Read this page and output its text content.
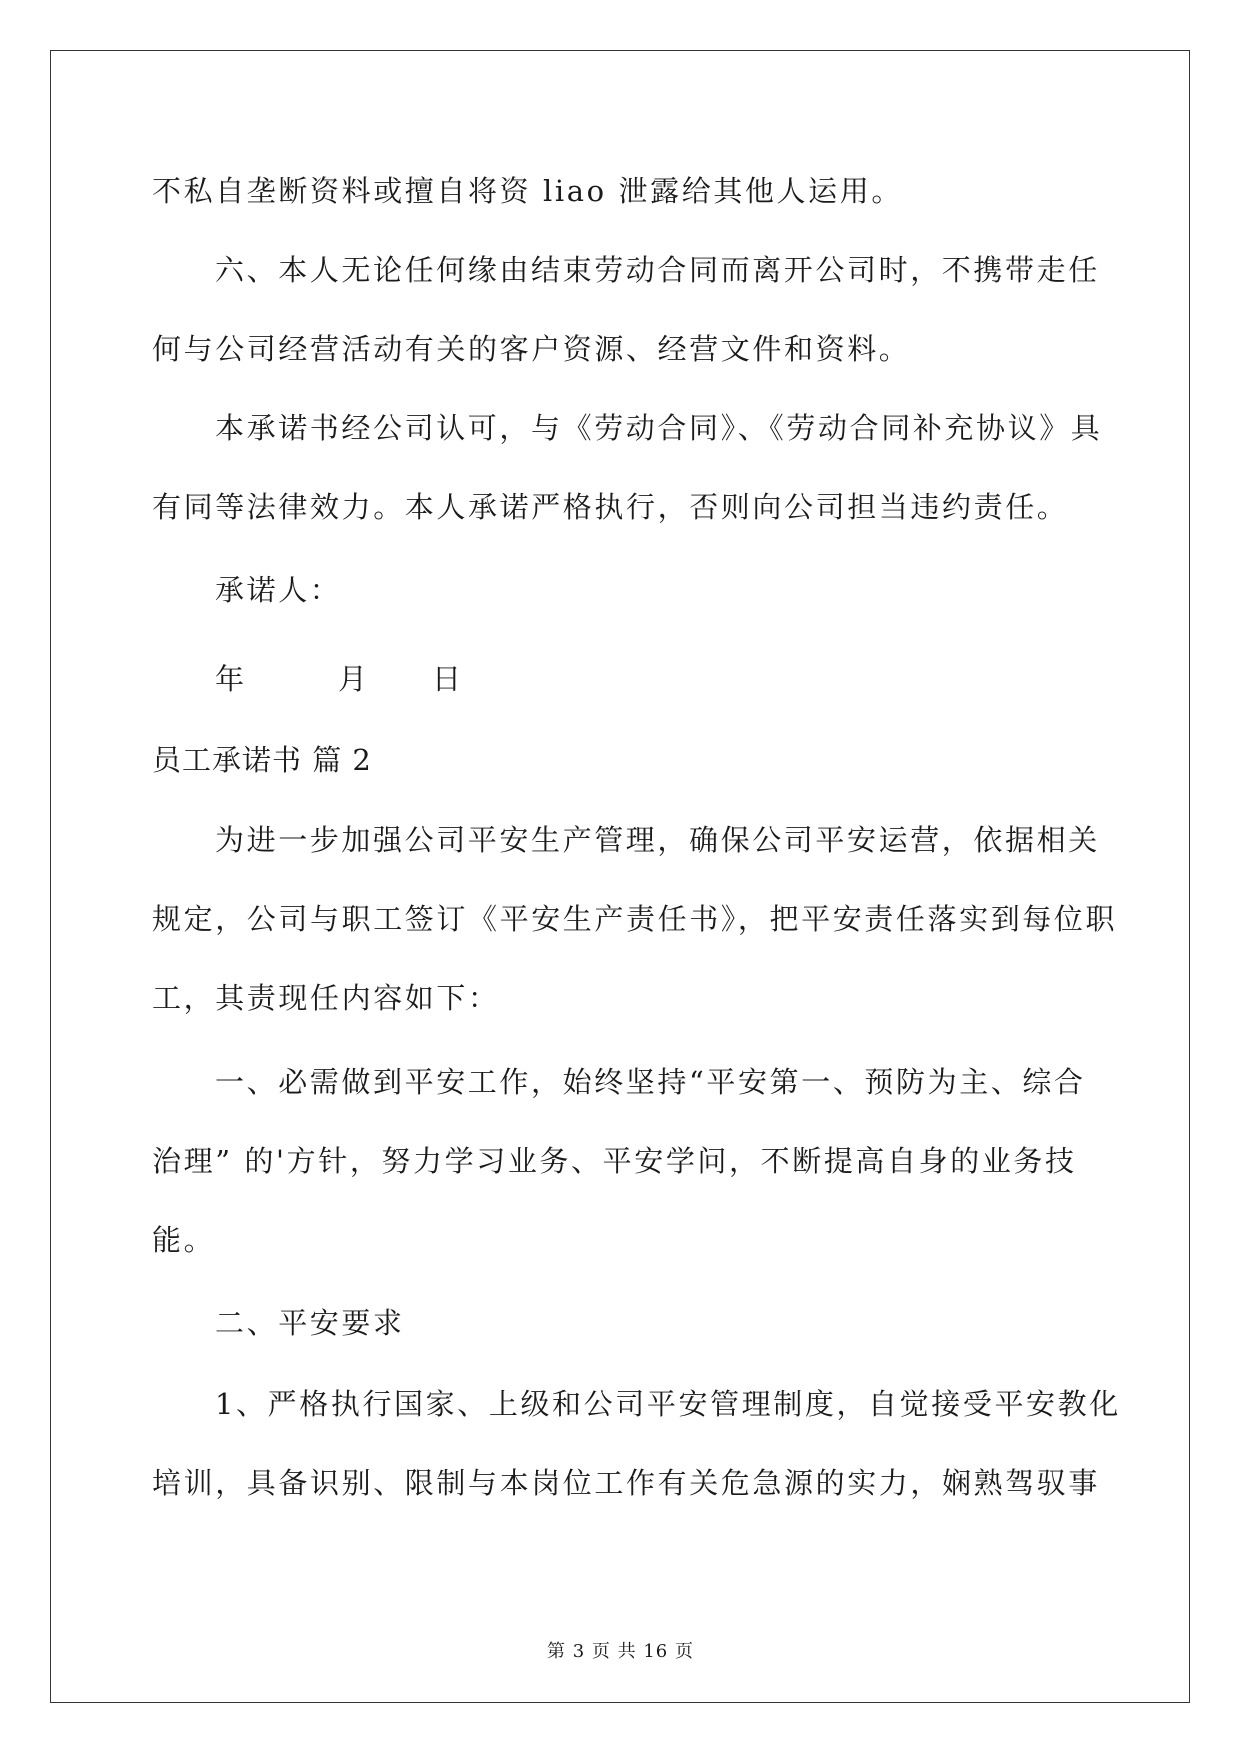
不私自垄断资料或擅自将资 liao 泄露给其他人运用。
六、本人无论任何缘由结束劳动合同而离开公司时，不携带走任
何与公司经营活动有关的客户资源、经营文件和资料。
本承诺书经公司认可，与《劳动合同》、《劳动合同补充协议》具
有同等法律效力。本人承诺严格执行，否则向公司担当违约责任。
承诺人：
年	月 日
员工承诺书 篇 2
为进一步加强公司平安生产管理，确保公司平安运营，依据相关
规定，公司与职工签订《平安生产责任书》，把平安责任落实到每位职
工，其责现任内容如下：
一、必需做到平安工作，始终坚持“平安第一、预防为主、综合
治理” 的'方针，努力学习业务、平安学问，不断提高自身的业务技
能。
二、平安要求
1、严格执行国家、上级和公司平安管理制度，自觉接受平安教化
培训，具备识别、限制与本岗位工作有关危急源的实力，娴熟驾驭事
第 3 页 共 16 页
